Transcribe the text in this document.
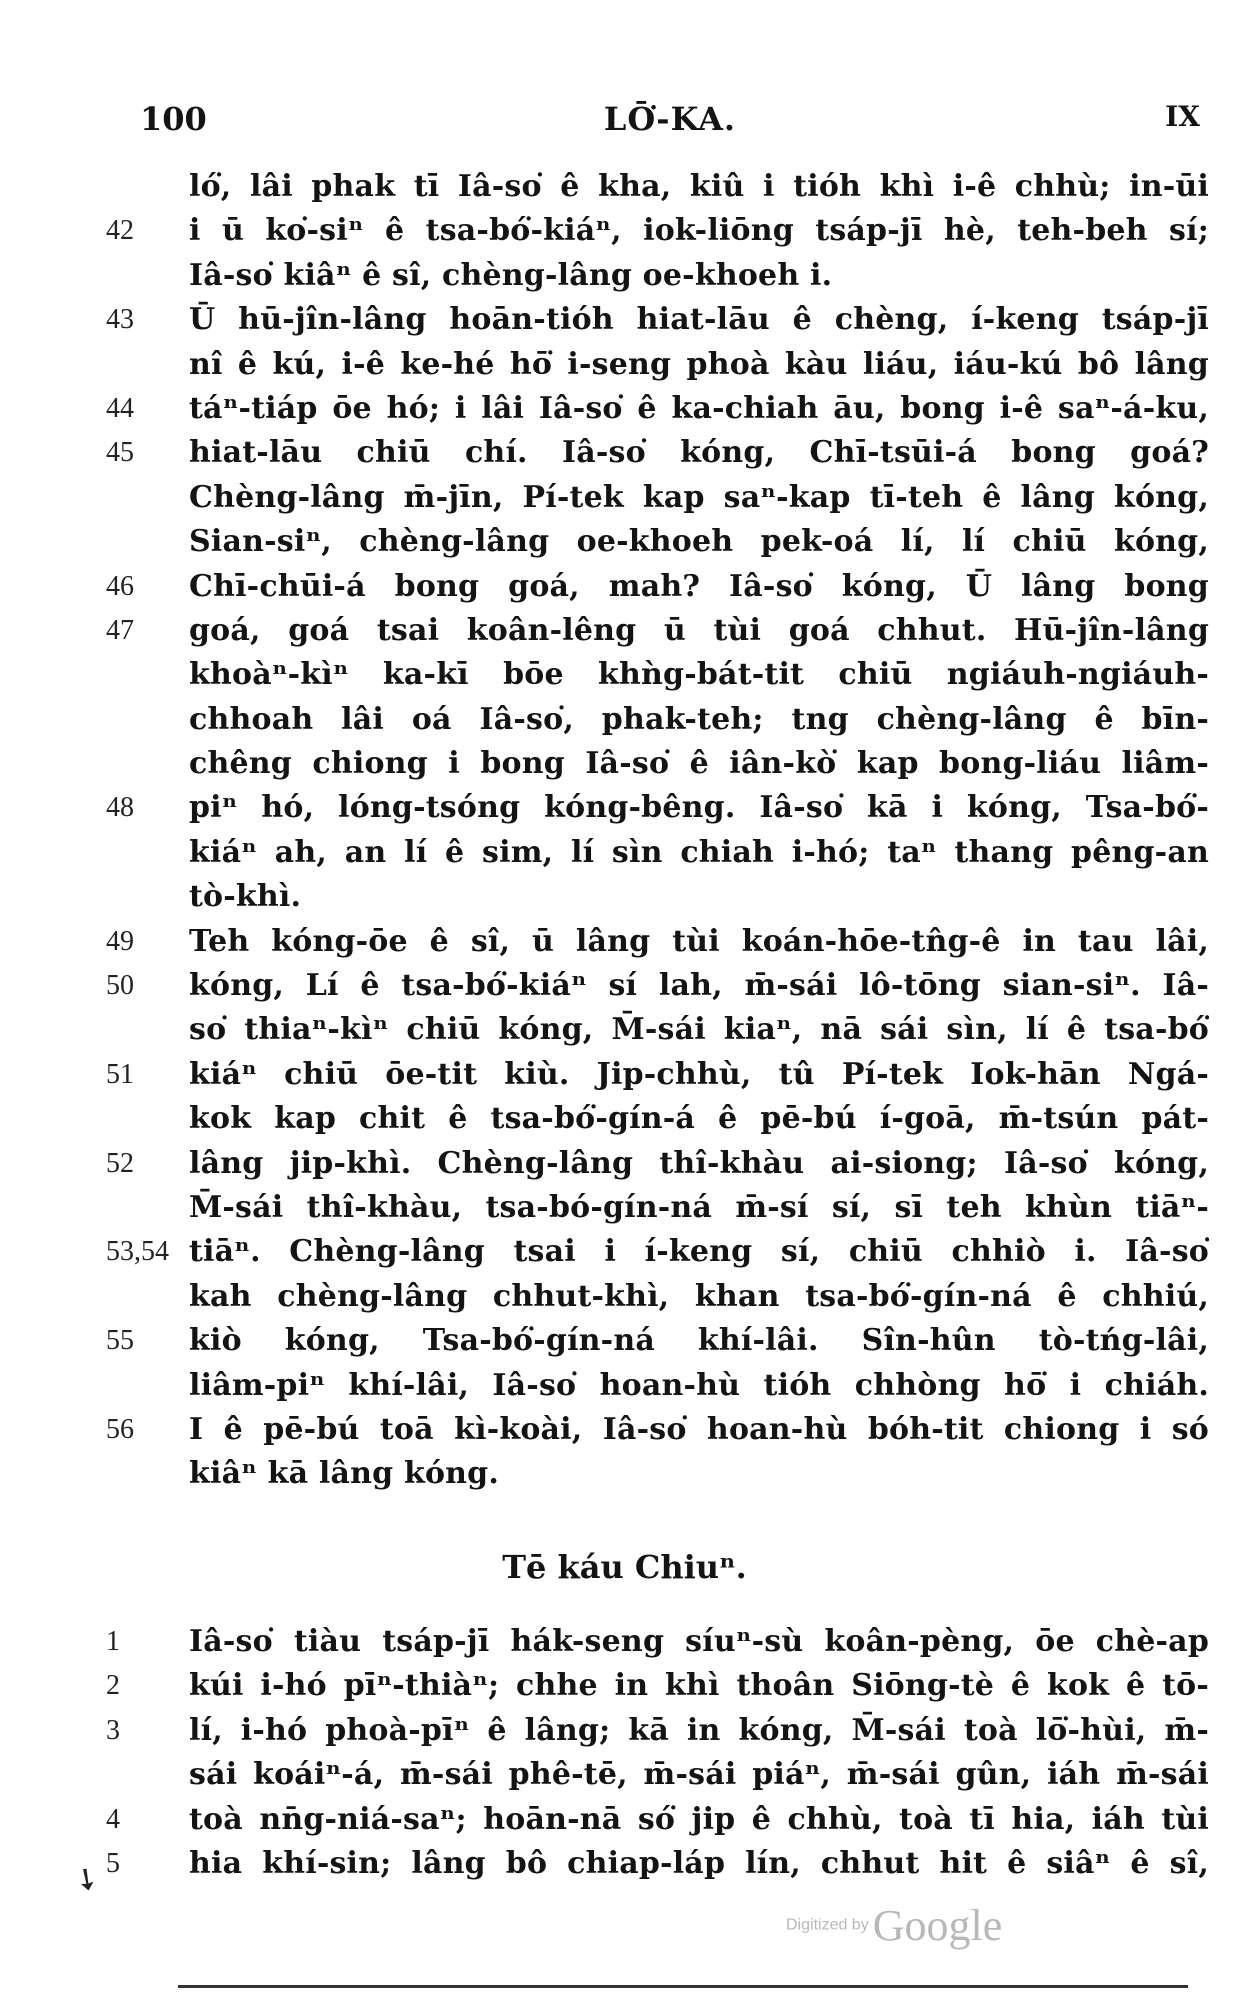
100	LŌ͘-KA.	IX
ló͘, lâi phak tī Iâ-so͘ ê kha, kiû i tióh khì i-ê chhù; in-ūi
42	i ū ko͘-siⁿ ê tsa-bó͘-kiáⁿ, iok-liōng tsáp-jī hè, teh-beh sí;
Iâ-so͘ kiâⁿ ê sî, chèng-lâng oe-khoeh i.
43	Ū hū-jîn-lâng hoān-tióh hiat-lāu ê chèng, í-keng tsáp-jī
nî ê kú, i-ê ke-hé hō͘ i-seng phoà kàu liáu, iáu-kú bô lâng
44	táⁿ-tiáp ōe hó; i lâi Iâ-so͘ ê ka-chiah āu, bong i-ê saⁿ-á-ku,
45	hiat-lāu chiū chí. Iâ-so͘ kóng, Chī-tsūi-á bong goá?
Chèng-lâng m̄-jīn, Pí-tek kap saⁿ-kap tī-teh ê lâng kóng,
Sian-siⁿ, chèng-lâng oe-khoeh pek-oá lí, lí chiū kóng,
46	Chī-chūi-á bong goá, mah? Iâ-so͘ kóng, Ū lâng bong
47	goá, goá tsai koân-lêng ū tùi goá chhut. Hū-jîn-lâng
khoàⁿ-kìⁿ ka-kī bōe khǹg-bát-tit chiū ngiáuh-ngiáuh-
chhoah lâi oá Iâ-so͘, phak-teh; tng chèng-lâng ê bīn-
chêng chiong i bong Iâ-so͘ ê iân-kò͘ kap bong-liáu liâm-
48	piⁿ hó, lóng-tsóng kóng-bêng. Iâ-so͘ kā i kóng, Tsa-bó͘-
kiáⁿ ah, an lí ê sim, lí sìn chiah i-hó; taⁿ thang pêng-an
tò-khì.
49	Teh kóng-ōe ê sî, ū lâng tùi koán-hōe-tn̂g-ê in tau lâi,
50	kóng, Lí ê tsa-bó͘-kiáⁿ sí lah, m̄-sái lô-tōng sian-siⁿ. Iâ-
so͘ thiaⁿ-kìⁿ chiū kóng, M̄-sái kiaⁿ, nā sái sìn, lí ê tsa-bó͘
51	kiáⁿ chiū ōe-tit kiù. Jip-chhù, tû Pí-tek Iok-hān Ngá-
kok kap chit ê tsa-bó͘-gín-á ê pē-bú í-goā, m̄-tsún pát-
52	lâng jip-khì. Chèng-lâng thî-khàu ai-siong; Iâ-so͘ kóng,
M̄-sái thî-khàu, tsa-bó-gín-ná m̄-sí sí, sī teh khùn tiāⁿ-
53,54 tiāⁿ. Chèng-lâng tsai i í-keng sí, chiū chhiò i. Iâ-so͘
kah chèng-lâng chhut-khì, khan tsa-bó͘-gín-ná ê chhiú,
55	kiò kóng, Tsa-bó͘-gín-ná khí-lâi. Sîn-hûn tò-tńg-lâi,
liâm-piⁿ khí-lâi, Iâ-so͘ hoan-hù tióh chhòng hō͘ i chiáh.
56	I ê pē-bú toā kì-koài, Iâ-so͘ hoan-hù bóh-tit chiong i só
kiâⁿ kā lâng kóng.
Tē káu Chiuⁿ.
1	Iâ-so͘ tiàu tsáp-jī hák-seng síuⁿ-sù koân-pèng, ōe chè-ap
2	kúi i-hó pīⁿ-thiàⁿ; chhe in khì thoân Siōng-tè ê kok ê tō-
3	lí, i-hó phoà-pīⁿ ê lâng; kā in kóng, M̄-sái toà lō͘-hùi, m̄-
sái koáiⁿ-á, m̄-sái phê-tē, m̄-sái piáⁿ, m̄-sái gûn, iáh m̄-sái
4	toà nn̄g-niá-saⁿ; hoān-nā só͘ jip ê chhù, toà tī hia, iáh tùi
5	hia khí-sin; lâng bô chiap-láp lín, chhut hit ê siâⁿ ê sî,
➘
Digitized by Google
